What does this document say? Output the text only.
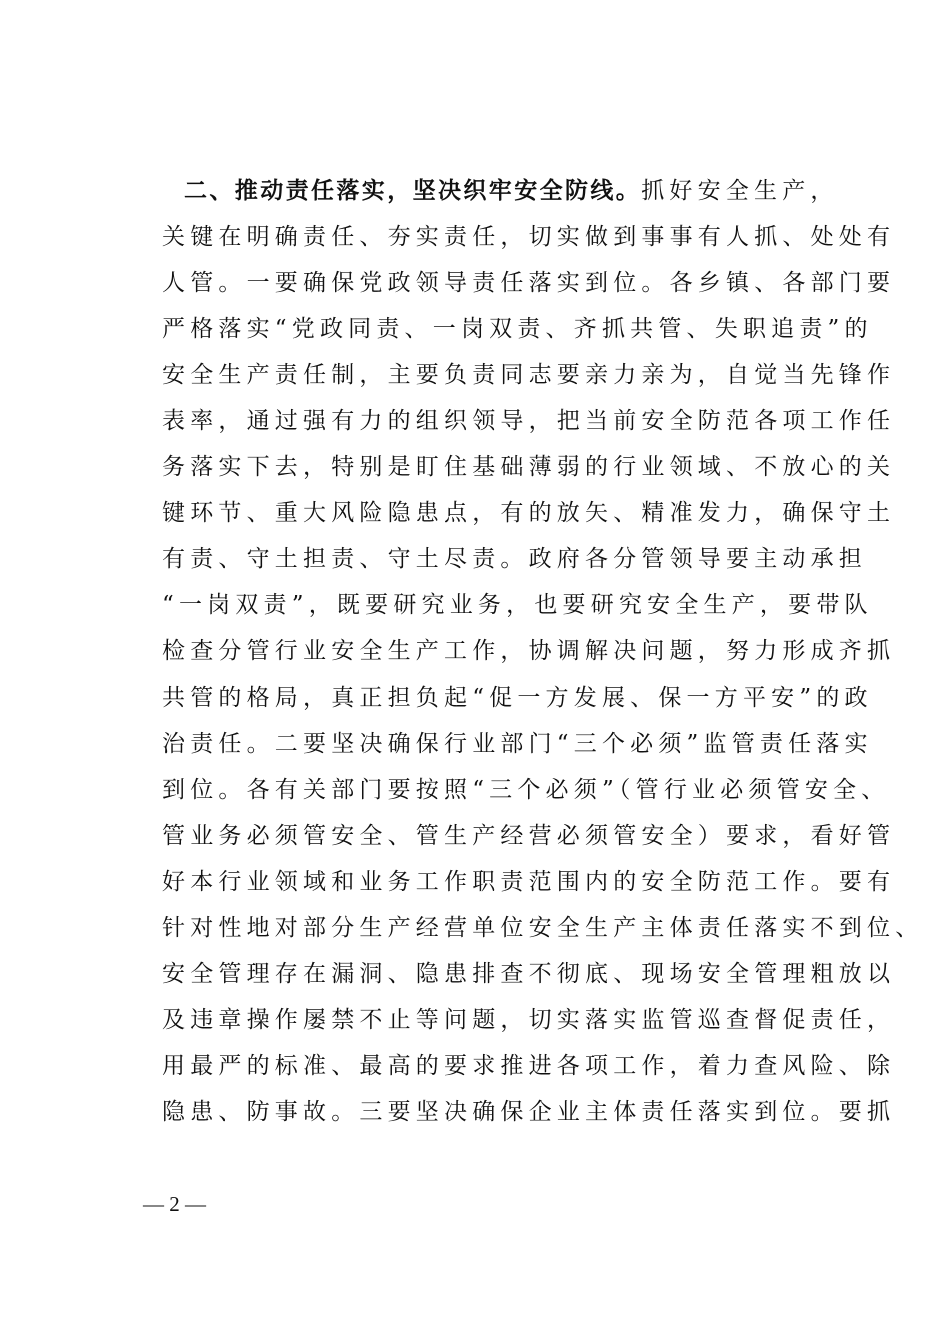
二、推动责任落实，坚决织牢安全防线。抓好安全生产，
关键在明确责任、夯实责任，切实做到事事有人抓、处处有
人管。一要确保党政领导责任落实到位。各乡镇、各部门要
严格落实“党政同责、一岗双责、齐抓共管、失职追责”的
安全生产责任制，主要负责同志要亲力亲为，自觉当先锋作
表率，通过强有力的组织领导，把当前安全防范各项工作任
务落实下去，特别是盯住基础薄弱的行业领域、不放心的关
键环节、重大风险隐患点，有的放矢、精准发力，确保守土
有责、守土担责、守土尽责。政府各分管领导要主动承担
“一岗双责”，既要研究业务，也要研究安全生产，要带队
检查分管行业安全生产工作，协调解决问题，努力形成齐抓
共管的格局，真正担负起“促一方发展、保一方平安”的政
治责任。二要坚决确保行业部门“三个必须”监管责任落实
到位。各有关部门要按照“三个必须”（管行业必须管安全、
管业务必须管安全、管生产经营必须管安全）要求，看好管
好本行业领域和业务工作职责范围内的安全防范工作。要有
针对性地对部分生产经营单位安全生产主体责任落实不到位、
安全管理存在漏洞、隐患排查不彻底、现场安全管理粗放以
及违章操作屡禁不止等问题，切实落实监管巡查督促责任，
用最严的标准、最高的要求推进各项工作，着力查风险、除
隐患、防事故。三要坚决确保企业主体责任落实到位。要抓
— 2 —
